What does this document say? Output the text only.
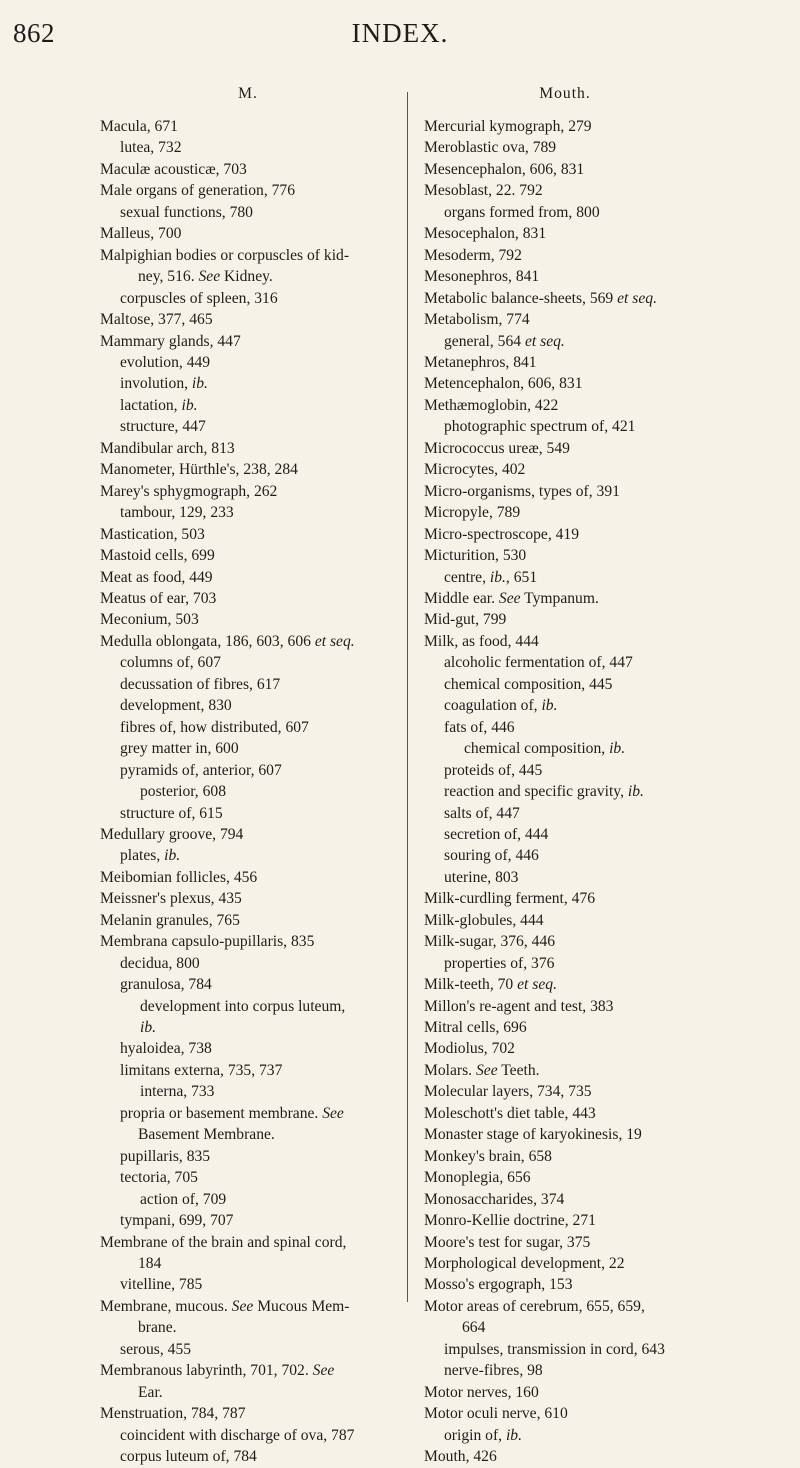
862	INDEX.
M.
Macula, 671
lutea, 732
Maculæ acousticæ, 703
Male organs of generation, 776
sexual functions, 780
Malleus, 700
Malpighian bodies or corpuscles of kid-
ney, 516. See Kidney.
corpuscles of spleen, 316
Maltose, 377, 465
Mammary glands, 447
evolution, 449
involution, ib.
lactation, ib.
structure, 447
Mandibular arch, 813
Manometer, Hürthle's, 238, 284
Marey's sphygmograph, 262
tambour, 129, 233
Mastication, 503
Mastoid cells, 699
Meat as food, 449
Meatus of ear, 703
Meconium, 503
Medulla oblongata, 186, 603, 606 et seq.
columns of, 607
decussation of fibres, 617
development, 830
fibres of, how distributed, 607
grey matter in, 600
pyramids of, anterior, 607
posterior, 608
structure of, 615
Medullary groove, 794
plates, ib.
Meibomian follicles, 456
Meissner's plexus, 435
Melanin granules, 765
Membrana capsulo-pupillaris, 835
decidua, 800
granulosa, 784
development into corpus luteum,
ib.
hyaloidea, 738
limitans externa, 735, 737
interna, 733
propria or basement membrane. See
Basement Membrane.
pupillaris, 835
tectoria, 705
action of, 709
tympani, 699, 707
Membrane of the brain and spinal cord,
184
vitelline, 785
Membrane, mucous. See Mucous Mem-
brane.
serous, 455
Membranous labyrinth, 701, 702. See
Ear.
Menstruation, 784, 787
coincident with discharge of ova, 787
corpus luteum of, 784
Mouth.
Mercurial kymograph, 279
Meroblastic ova, 789
Mesencephalon, 606, 831
Mesoblast, 22. 792
organs formed from, 800
Mesocephalon, 831
Mesoderm, 792
Mesonephros, 841
Metabolic balance-sheets, 569 et seq.
Metabolism, 774
general, 564 et seq.
Metanephros, 841
Metencephalon, 606, 831
Methæmoglobin, 422
photographic spectrum of, 421
Micrococcus ureæ, 549
Microcytes, 402
Micro-organisms, types of, 391
Micropyle, 789
Micro-spectroscope, 419
Micturition, 530
centre, ib., 651
Middle ear. See Tympanum.
Mid-gut, 799
Milk, as food, 444
alcoholic fermentation of, 447
chemical composition, 445
coagulation of, ib.
fats of, 446
chemical composition, ib.
proteids of, 445
reaction and specific gravity, ib.
salts of, 447
secretion of, 444
souring of, 446
uterine, 803
Milk-curdling ferment, 476
Milk-globules, 444
Milk-sugar, 376, 446
properties of, 376
Milk-teeth, 70 et seq.
Millon's re-agent and test, 383
Mitral cells, 696
Modiolus, 702
Molars. See Teeth.
Molecular layers, 734, 735
Moleschott's diet table, 443
Monaster stage of karyokinesis, 19
Monkey's brain, 658
Monoplegia, 656
Monosaccharides, 374
Monro-Kellie doctrine, 271
Moore's test for sugar, 375
Morphological development, 22
Mosso's ergograph, 153
Motor areas of cerebrum, 655, 659,
664
impulses, transmission in cord, 643
nerve-fibres, 98
Motor nerves, 160
Motor oculi nerve, 610
origin of, ib.
Mouth, 426
